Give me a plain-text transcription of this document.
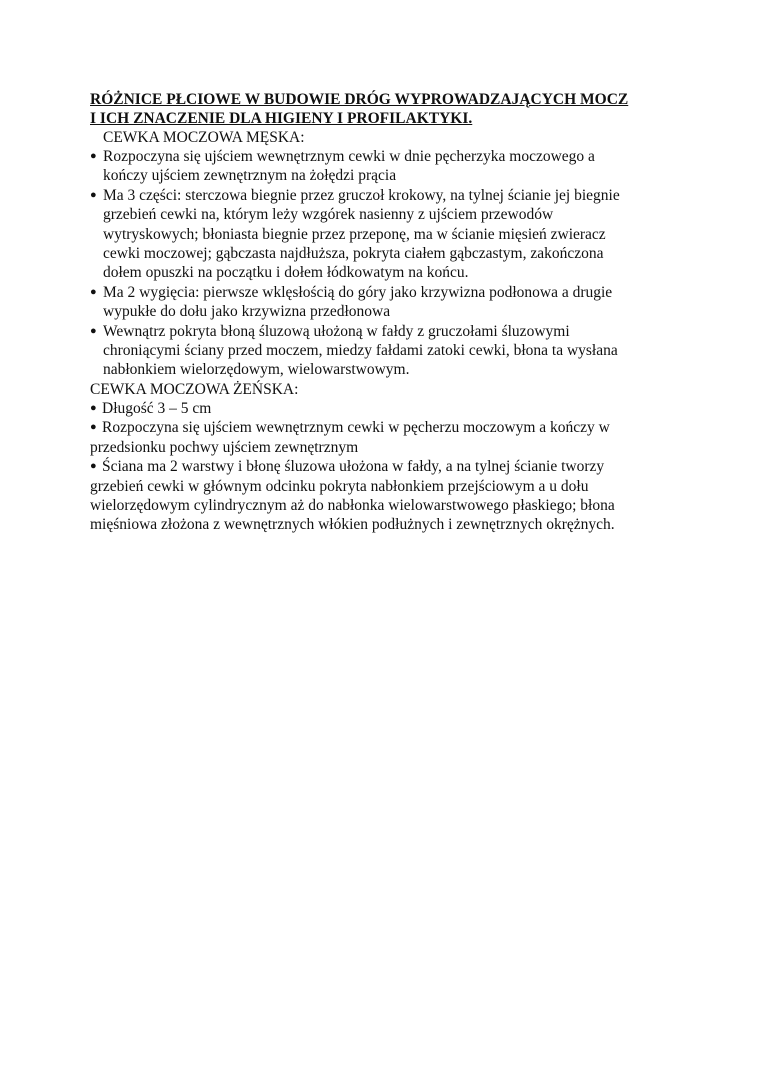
RÓŻNICE PŁCIOWE W BUDOWIE DRÓG WYPROWADZAJĄCYCH MOCZ
I ICH ZNACZENIE DLA HIGIENY I PROFILAKTYKI.

CEWKA MOCZOWA MĘSKA:

● Rozpoczyna się ujściem wewnętrznym cewki w dnie pęcherzyka moczowego a
kończy ujściem zewnętrznym na żołędzi prącia
● Ma 3 części: sterczowa biegnie przez gruczoł krokowy, na tylnej ścianie jej biegnie
grzebień cewki na, którym leży wzgórek nasienny z ujściem przewodów
wytryskowych; błoniasta biegnie przez przeponę, ma w ścianie mięsień zwieracz
cewki moczowej; gąbczasta najdłuższa, pokryta ciałem gąbczastym, zakończona
dołem opuszki na początku i dołem łódkowatym na końcu.
● Ma 2 wygięcia: pierwsze wklęsłością do góry jako krzywizna podłonowa a drugie
wypukłe do dołu jako krzywizna przedłonowa
● Wewnątrz pokryta błoną śluzową ułożoną w fałdy z gruczołami śluzowymi
chroniącymi ściany przed moczem, miedzy fałdami zatoki cewki, błona ta wysłana
nabłonkiem wielorzędowym, wielowarstwowym.

CEWKA MOCZOWA ŻEŃSKA:

● Długość 3 – 5 cm
● Rozpoczyna się ujściem wewnętrznym cewki w pęcherzu moczowym a kończy w

przedsionku pochwy ujściem zewnętrznym
● Ściana ma 2 warstwy i błonę śluzowa ułożona w fałdy, a na tylnej ścianie tworzy

grzebień cewki w głównym odcinku pokryta nabłonkiem przejściowym a u dołu
wielorzędowym cylindrycznym aż do nabłonka wielowarstwowego płaskiego; błona
mięśniowa złożona z wewnętrznych włókien podłużnych i zewnętrznych okrężnych.
